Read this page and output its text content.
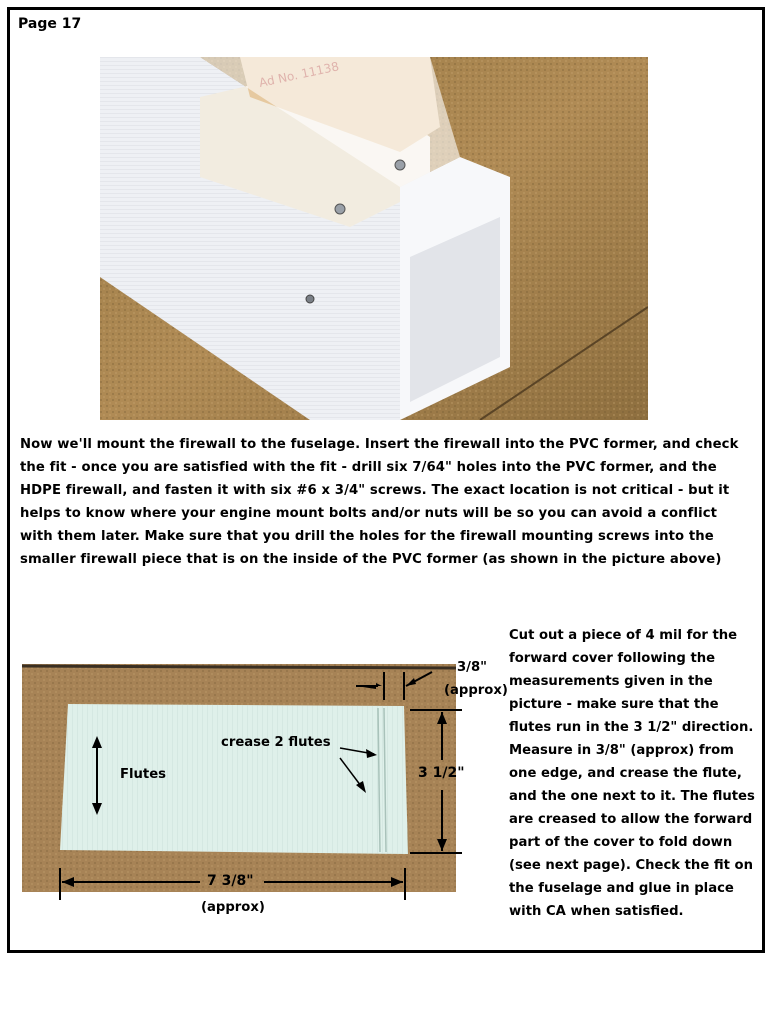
Page 17
Now we'll mount the firewall to the fuselage. Insert the firewall into the PVC former, and check the fit - once you are satisfied with the fit - drill six 7/64" holes into the PVC former, and the HDPE firewall, and fasten it with six #6 x 3/4" screws. The exact location is not critical - but it helps to know where your engine mount bolts and/or nuts will be so you can avoid a conflict with them later. Make sure that you drill the holes for the firewall mounting screws into the smaller firewall piece that is on the inside of the PVC former (as shown in the picture above)
3/8"
(approx)
crease 2 flutes
Flutes	3 1/2"
7 3/8"
(approx)
Cut out a piece of 4 mil for the forward cover following the measurements given in the picture - make sure that the flutes run in the 3 1/2" direction. Measure in 3/8" (approx) from one edge, and crease the flute, and the one next to it. The flutes are creased to allow the forward part of the cover to fold down (see next page). Check the fit on the fuselage and glue in place with CA when satisfied.
